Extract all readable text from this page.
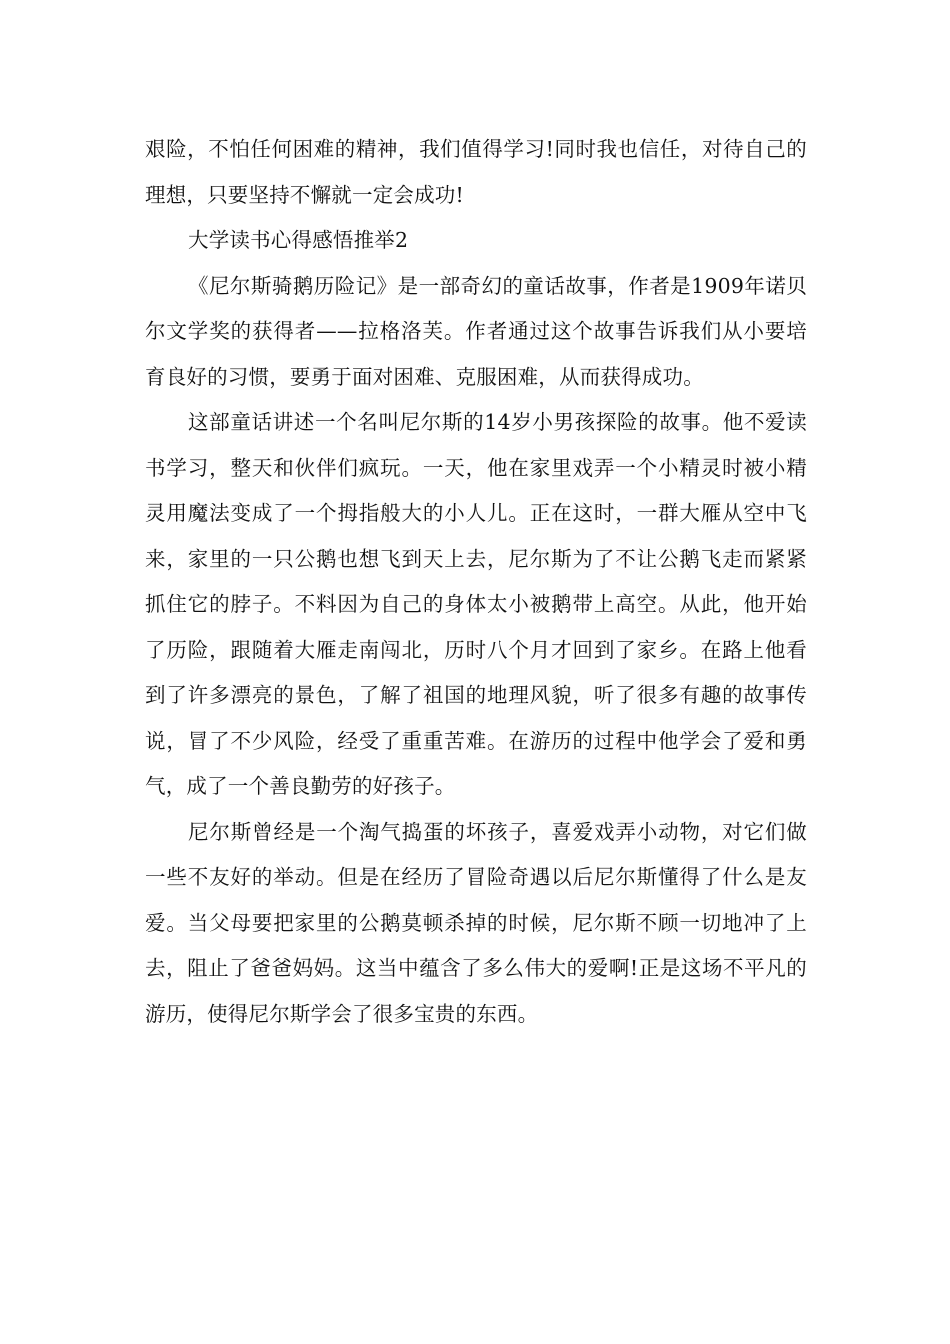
艰险，不怕任何困难的精神，我们值得学习!同时我也信任，对待自己的理想，只要坚持不懈就一定会成功!

大学读书心得感悟推举2

《尼尔斯骑鹅历险记》是一部奇幻的童话故事，作者是1909年诺贝尔文学奖的获得者——拉格洛芙。作者通过这个故事告诉我们从小要培育良好的习惯，要勇于面对困难、克服困难，从而获得成功。

这部童话讲述一个名叫尼尔斯的14岁小男孩探险的故事。他不爱读书学习，整天和伙伴们疯玩。一天，他在家里戏弄一个小精灵时被小精灵用魔法变成了一个拇指般大的小人儿。正在这时，一群大雁从空中飞来，家里的一只公鹅也想飞到天上去，尼尔斯为了不让公鹅飞走而紧紧抓住它的脖子。不料因为自己的身体太小被鹅带上高空。从此，他开始了历险，跟随着大雁走南闯北，历时八个月才回到了家乡。在路上他看到了许多漂亮的景色，了解了祖国的地理风貌，听了很多有趣的故事传说，冒了不少风险，经受了重重苦难。在游历的过程中他学会了爱和勇气，成了一个善良勤劳的好孩子。

尼尔斯曾经是一个淘气捣蛋的坏孩子，喜爱戏弄小动物，对它们做一些不友好的举动。但是在经历了冒险奇遇以后尼尔斯懂得了什么是友爱。当父母要把家里的公鹅莫顿杀掉的时候，尼尔斯不顾一切地冲了上去，阻止了爸爸妈妈。这当中蕴含了多么伟大的爱啊!正是这场不平凡的游历，使得尼尔斯学会了很多宝贵的东西。
